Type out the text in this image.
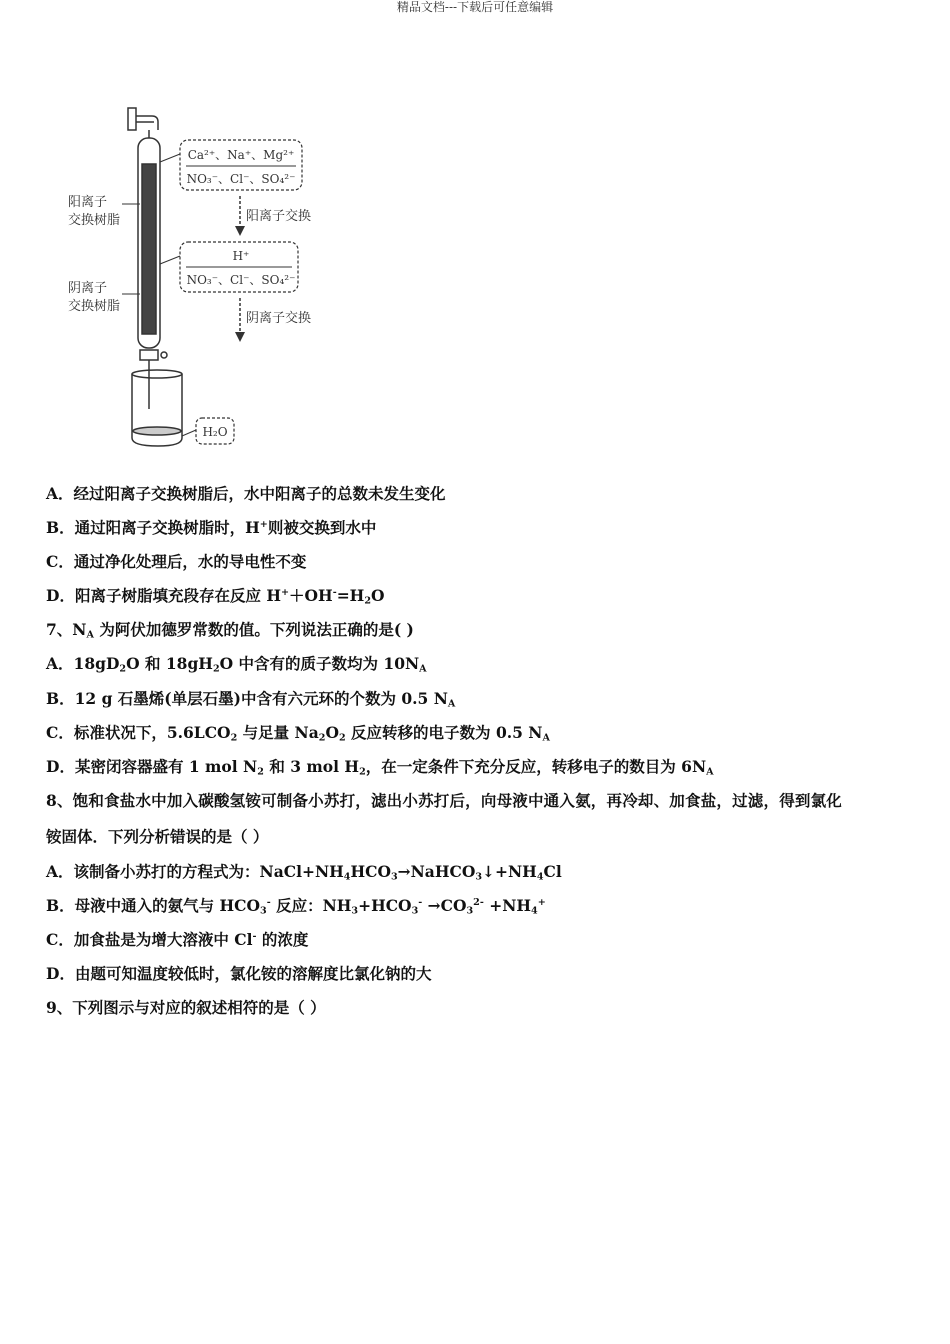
精品文档---下载后可任意编辑
阳离子
交换树脂
阴离子
交换树脂
Ca²⁺、Na⁺、Mg²⁺
NO₃⁻、Cl⁻、SO₄²⁻
阳离子交换
H⁺
NO₃⁻、Cl⁻、SO₄²⁻
阴离子交换
H₂O
A．经过阳离子交换树脂后，水中阳离子的总数未发生变化
B．通过阳离子交换树脂时，H+则被交换到水中
C．通过净化处理后，水的导电性不变
D．阳离子树脂填充段存在反应 $H^++OH^-=H_2O$
7、$N_A$ 为阿伏加德罗常数的值。下列说法正确的是( )
A．$18gD_2O$ 和 $18gH_2O$ 中含有的质子数均为 $10N_A$
B．12 g 石墨烯(单层石墨)中含有六元环的个数为 0.5 $N_A$
C．标准状况下，$5.6LCO_2$ 与足量 $Na_2O_2$ 反应转移的电子数为 0.5 $N_A$
D．某密闭容器盛有 1 mol $N_2$ 和 3 mol $H_2$，在一定条件下充分反应，转移电子的数目为 $6N_A$
8、饱和食盐水中加入碳酸氢铵可制备小苏打，滤出小苏打后，向母液中通入氨，再冷却、加食盐，过滤，得到氯化
铵固体．下列分析错误的是（ ）
A．该制备小苏打的方程式为：$NaCl+NH_4HCO_3\to NaHCO_3↓+NH_4Cl$
B．母液中通入的氨气与 $HCO_3^-$ 反应：$NH_3+HCO_3^- \to CO_3^{2-} +NH_4^+$
C．加食盐是为增大溶液中 Cl- 的浓度
D．由题可知温度较低时，氯化铵的溶解度比氯化钠的大
9、下列图示与对应的叙述相符的是（ ）
